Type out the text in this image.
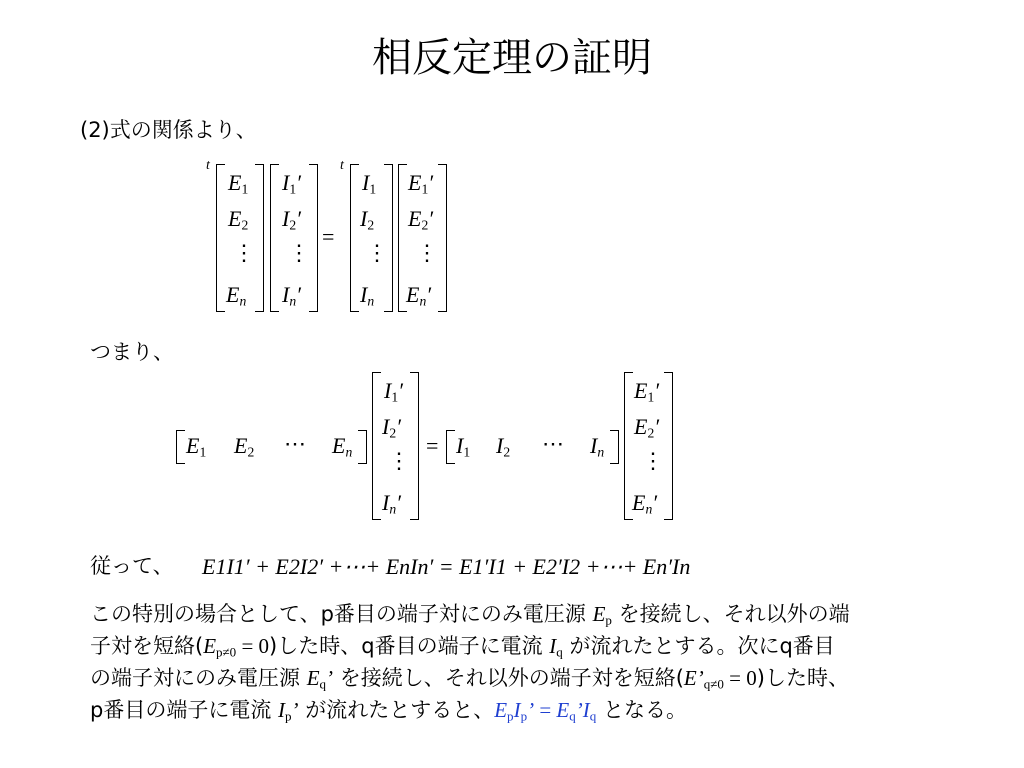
相反定理の証明
(2)式の関係より、
t
$E_1$
$E_2$
⋮
$E_n$
$I_1'$
$I_2'$
⋮
$I_n'$
=
t
$I_1$
$I_2$
⋮
$I_n$
$E_1'$
$E_2'$
⋮
$E_n'$
つまり、
$E_1$ $E_2$ ⋯ $E_n$
$I_1'$
$I_2'$
⋮
$I_n'$
= $I_1$ $I_2$ ⋯ $I_n$
$E_1'$
$E_2'$
⋮
$E_n'$
従って、 E1I1′ + E2I2′ +⋯+ EnIn′ = E1′I1 + E2′I2 +⋯+ En′In
この特別の場合として、p番目の端子対にのみ電圧源 $E_p$ を接続し、それ以外の端
子対を短絡$(E_{p\ne 0} = 0)$した時、q番目の端子に電流 $I_q$ が流れたとする。次にq番目
の端子対にのみ電圧源 $E_q$’ を接続し、それ以外の端子対を短絡$(E’_{q\ne 0} = 0)$した時、
p番目の端子に電流 $I_p$’ が流れたとすると、$E_pI_p$’ = $E_q’I_q$ となる。
